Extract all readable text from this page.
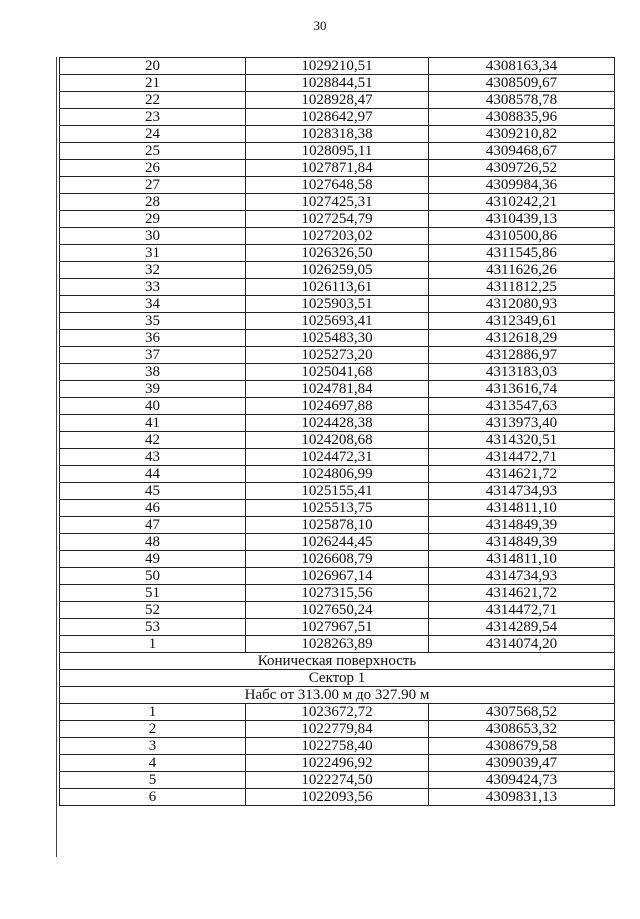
30
20	1029210,51	4308163,34
21	1028844,51	4308509,67
22	1028928,47	4308578,78
23	1028642,97	4308835,96
24	1028318,38	4309210,82
25	1028095,11	4309468,67
26	1027871,84	4309726,52
27	1027648,58	4309984,36
28	1027425,31	4310242,21
29	1027254,79	4310439,13
30	1027203,02	4310500,86
31	1026326,50	4311545,86
32	1026259,05	4311626,26
33	1026113,61	4311812,25
34	1025903,51	4312080,93
35	1025693,41	4312349,61
36	1025483,30	4312618,29
37	1025273,20	4312886,97
38	1025041,68	4313183,03
39	1024781,84	4313616,74
40	1024697,88	4313547,63
41	1024428,38	4313973,40
42	1024208,68	4314320,51
43	1024472,31	4314472,71
44	1024806,99	4314621,72
45	1025155,41	4314734,93
46	1025513,75	4314811,10
47	1025878,10	4314849,39
48	1026244,45	4314849,39
49	1026608,79	4314811,10
50	1026967,14	4314734,93
51	1027315,56	4314621,72
52	1027650,24	4314472,71
53	1027967,51	4314289,54
1	1028263,89	4314074,20
Коническая поверхность		
Сектор 1		
Набс от 313.00 м до 327.90 м		
1	1023672,72	4307568,52
2	1022779,84	4308653,32
3	1022758,40	4308679,58
4	1022496,92	4309039,47
5	1022274,50	4309424,73
6	1022093,56	4309831,13
